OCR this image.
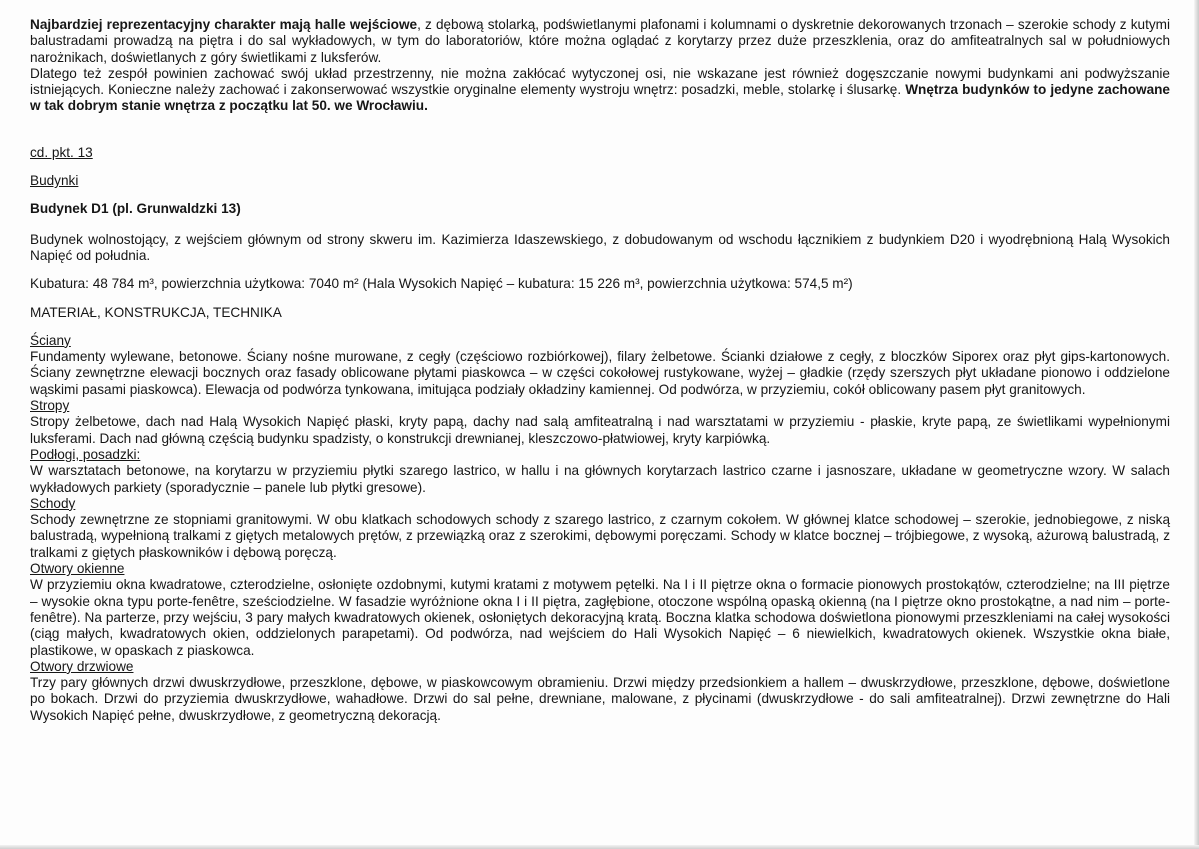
Najbardziej reprezentacyjny charakter mają halle wejściowe, z dębową stolarką, podświetlanymi plafonami i kolumnami o dyskretnie dekorowanych trzonach – szerokie schody z kutymi balustradami prowadzą na piętra i do sal wykładowych, w tym do laboratoriów, które można oglądać z korytarzy przez duże przeszklenia, oraz do amfiteatralnych sal w południowych narożnikach, doświetlanych z góry świetlikami z luksferów.

Dlatego też zespół powinien zachować swój układ przestrzenny, nie można zakłócać wytyczonej osi, nie wskazane jest również dogęszczanie nowymi budynkami ani podwyższanie istniejących. Konieczne należy zachować i zakonserwować wszystkie oryginalne elementy wystroju wnętrz: posadzki, meble, stolarkę i ślusarkę. Wnętrza budynków to jedyne zachowane w tak dobrym stanie wnętrza z początku lat 50. we Wrocławiu.

cd. pkt. 13

Budynki

Budynek D1 (pl. Grunwaldzki 13)

Budynek wolnostojący, z wejściem głównym od strony skweru im. Kazimierza Idaszewskiego, z dobudowanym od wschodu łącznikiem z budynkiem D20 i wyodrębnioną Halą Wysokich Napięć od południa.

Kubatura: 48 784 m³, powierzchnia użytkowa: 7040 m² (Hala Wysokich Napięć – kubatura: 15 226 m³, powierzchnia użytkowa: 574,5 m²)

MATERIAŁ, KONSTRUKCJA, TECHNIKA

Ściany

Fundamenty wylewane, betonowe. Ściany nośne murowane, z cegły (częściowo rozbiórkowej), filary żelbetowe. Ścianki działowe z cegły, z bloczków Siporex oraz płyt gips-kartonowych. Ściany zewnętrzne elewacji bocznych oraz fasady oblicowane płytami piaskowca – w części cokołowej rustykowane, wyżej – gładkie (rzędy szerszych płyt układane pionowo i oddzielone wąskimi pasami piaskowca). Elewacja od podwórza tynkowana, imitująca podziały okładziny kamiennej. Od podwórza, w przyziemiu, cokół oblicowany pasem płyt granitowych.

Stropy

Stropy żelbetowe, dach nad Halą Wysokich Napięć płaski, kryty papą, dachy nad salą amfiteatralną i nad warsztatami w przyziemiu - płaskie, kryte papą, ze świetlikami wypełnionymi luksferami. Dach nad główną częścią budynku spadzisty, o konstrukcji drewnianej, kleszczowo-płatwiowej, kryty karpiówką.

Podłogi, posadzki:

W warsztatach betonowe, na korytarzu w przyziemiu płytki szarego lastrico, w hallu i na głównych korytarzach lastrico czarne i jasnoszare, układane w geometryczne wzory. W salach wykładowych parkiety (sporadycznie – panele lub płytki gresowe).

Schody

Schody zewnętrzne ze stopniami granitowymi. W obu klatkach schodowych schody z szarego lastrico, z czarnym cokołem. W głównej klatce schodowej – szerokie, jednobiegowe, z niską balustradą, wypełnioną tralkami z giętych metalowych prętów, z przewiązką oraz z szerokimi, dębowymi poręczami. Schody w klatce bocznej – trójbiegowe, z wysoką, ażurową balustradą, z tralkami z giętych płaskowników i dębową poręczą.

Otwory okienne

W przyziemiu okna kwadratowe, czterodzielne, osłonięte ozdobnymi, kutymi kratami z motywem pętelki. Na I i II piętrze okna o formacie pionowych prostokątów, czterodzielne; na III piętrze – wysokie okna typu porte-fenêtre, sześciodzielne. W fasadzie wyróżnione okna I i II piętra, zagłębione, otoczone wspólną opaską okienną (na I piętrze okno prostokątne, a nad nim – porte-fenêtre). Na parterze, przy wejściu, 3 pary małych kwadratowych okienek, osłoniętych dekoracyjną kratą. Boczna klatka schodowa doświetlona pionowymi przeszkleniami na całej wysokości (ciąg małych, kwadratowych okien, oddzielonych parapetami). Od podwórza, nad wejściem do Hali Wysokich Napięć – 6 niewielkich, kwadratowych okienek. Wszystkie okna białe, plastikowe, w opaskach z piaskowca.

Otwory drzwiowe

Trzy pary głównych drzwi dwuskrzydłowe, przeszklone, dębowe, w piaskowcowym obramieniu. Drzwi między przedsionkiem a hallem – dwuskrzydłowe, przeszklone, dębowe, doświetlone po bokach. Drzwi do przyziemia dwuskrzydłowe, wahadłowe. Drzwi do sal pełne, drewniane, malowane, z płycinami (dwuskrzydłowe - do sali amfiteatralnej). Drzwi zewnętrzne do Hali Wysokich Napięć pełne, dwuskrzydłowe, z geometryczną dekoracją.
